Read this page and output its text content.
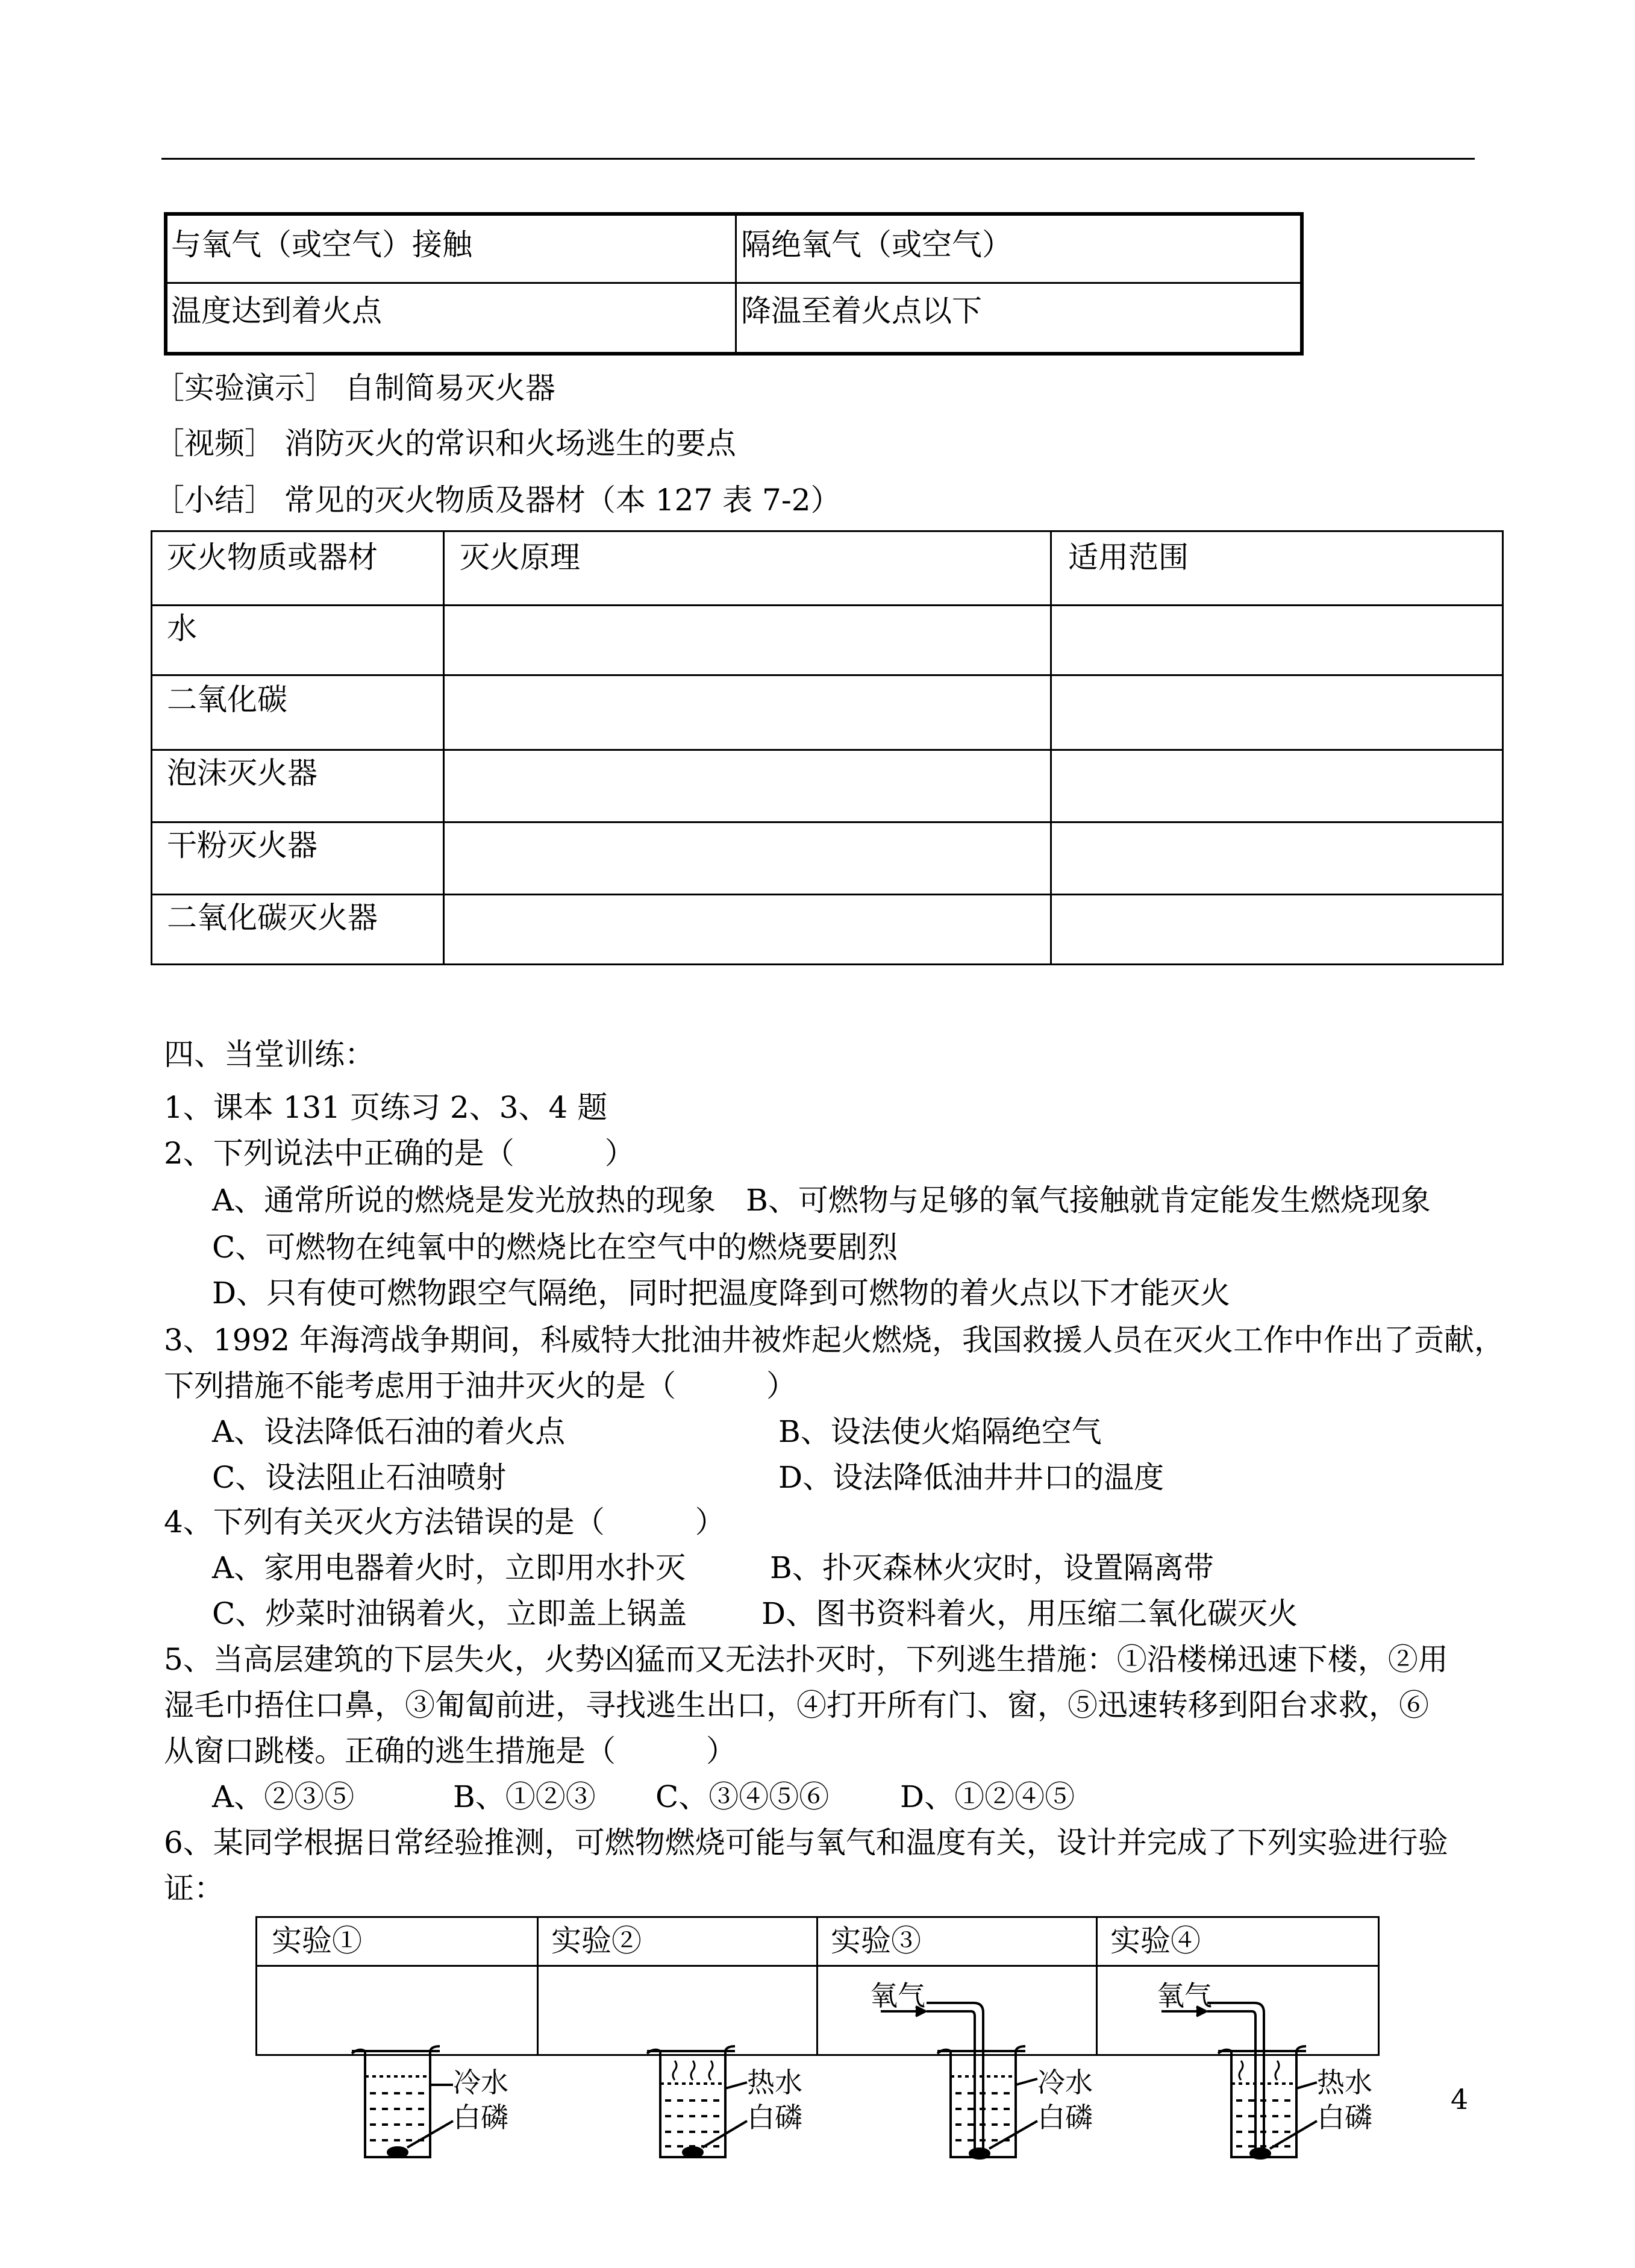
与氧气（或空气）接触	隔绝氧气（或空气）
温度达到着火点	降温至着火点以下
［实验演示］ 自制简易灭火器
［视频］ 消防灭火的常识和火场逃生的要点
［小结］ 常见的灭火物质及器材（本 127 表 7-2）
灭火物质或器材	灭火原理	适用范围
水
二氧化碳
泡沫灭火器
干粉灭火器
二氧化碳灭火器
四、当堂训练：
1、课本 131 页练习 2、3、4 题
2、下列说法中正确的是（　　　）
A、通常所说的燃烧是发光放热的现象　B、可燃物与足够的氧气接触就肯定能发生燃烧现象
C、可燃物在纯氧中的燃烧比在空气中的燃烧要剧烈
D、只有使可燃物跟空气隔绝，同时把温度降到可燃物的着火点以下才能灭火
3、1992 年海湾战争期间，科威特大批油井被炸起火燃烧，我国救援人员在灭火工作中作出了贡献，
下列措施不能考虑用于油井灭火的是（　　　）
A、设法降低石油的着火点	B、设法使火焰隔绝空气
C、设法阻止石油喷射	D、设法降低油井井口的温度
4、下列有关灭火方法错误的是（　　　）
A、家用电器着火时，立即用水扑灭	B、扑灭森林火灾时，设置隔离带
C、炒菜时油锅着火，立即盖上锅盖 D、图书资料着火，用压缩二氧化碳灭火
5、当高层建筑的下层失火，火势凶猛而又无法扑灭时，下列逃生措施：①沿楼梯迅速下楼，②用
湿毛巾捂住口鼻，③匍匐前进，寻找逃生出口，④打开所有门、窗，⑤迅速转移到阳台求救，⑥
从窗口跳楼。正确的逃生措施是（　　　）
A、②③⑤	B、①②③ C、③④⑤⑥ D、①②④⑤
6、某同学根据日常经验推测，可燃物燃烧可能与氧气和温度有关，设计并完成了下列实验进行验
证：
实验①	实验②	实验③	实验④
冷水
白磷
热水
白磷
氧气
冷水
白磷
氧气
热水
白磷
4
